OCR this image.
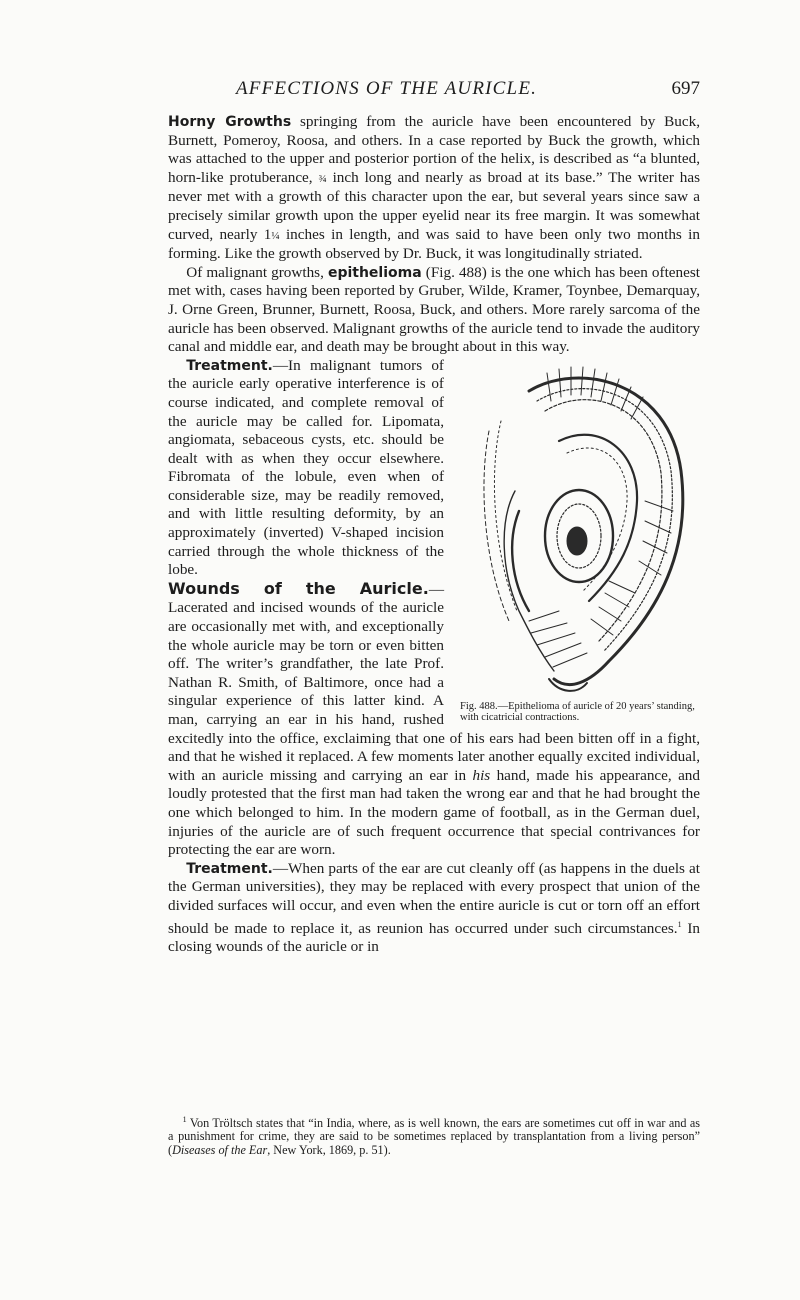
AFFECTIONS OF THE AURICLE.	697

Horny Growths springing from the auricle have been encountered by Buck, Burnett, Pomeroy, Roosa, and others. In a case reported by Buck the growth, which was attached to the upper and posterior portion of the helix, is described as “a blunted, horn-like protuberance, ¾ inch long and nearly as broad at its base.” The writer has never met with a growth of this character upon the ear, but several years since saw a precisely similar growth upon the upper eyelid near its free margin. It was somewhat curved, nearly 1¼ inches in length, and was said to have been only two months in forming. Like the growth observed by Dr. Buck, it was longitudinally striated.

Of malignant growths, epithelioma (Fig. 488) is the one which has been oftenest met with, cases having been reported by Gruber, Wilde, Kramer, Toynbee, Demarquay, J. Orne Green, Brunner, Burnett, Roosa, Buck, and others. More rarely sarcoma of the auricle has been observed. Malignant growths of the auricle tend to invade the auditory canal and middle ear, and death may be brought about in this way.

Fig. 488.—Epithelioma of auricle of 20 years’ standing, with cicatricial contractions.

Treatment.—In malignant tumors of the auricle early operative interference is of course indicated, and complete removal of the auricle may be called for. Lipomata, angiomata, sebaceous cysts, etc. should be dealt with as when they occur elsewhere. Fibromata of the lobule, even when of considerable size, may be readily removed, and with little resulting deformity, by an approximately (inverted) V-shaped incision carried through the whole thickness of the lobe.

Wounds of the Auricle.—Lacerated and incised wounds of the auricle are occasionally met with, and exceptionally the whole auricle may be torn or even bitten off. The writer’s grandfather, the late Prof. Nathan R. Smith, of Baltimore, once had a singular experience of this latter kind. A man, carrying an ear in his hand, rushed excitedly into the office, exclaiming that one of his ears had been bitten off in a fight, and that he wished it replaced. A few moments later another equally excited individual, with an auricle missing and carrying an ear in his hand, made his appearance, and loudly protested that the first man had taken the wrong ear and that he had brought the one which belonged to him. In the modern game of football, as in the German duel, injuries of the auricle are of such frequent occurrence that special contrivances for protecting the ear are worn.

Treatment.—When parts of the ear are cut cleanly off (as happens in the duels at the German universities), they may be replaced with every prospect that union of the divided surfaces will occur, and even when the entire auricle is cut or torn off an effort should be made to replace it, as reunion has occurred under such circumstances.$^1$ In closing wounds of the auricle or in

$^1$ Von Tröltsch states that “in India, where, as is well known, the ears are sometimes cut off in war and as a punishment for crime, they are said to be sometimes replaced by transplantation from a living person” (Diseases of the Ear, New York, 1869, p. 51).
